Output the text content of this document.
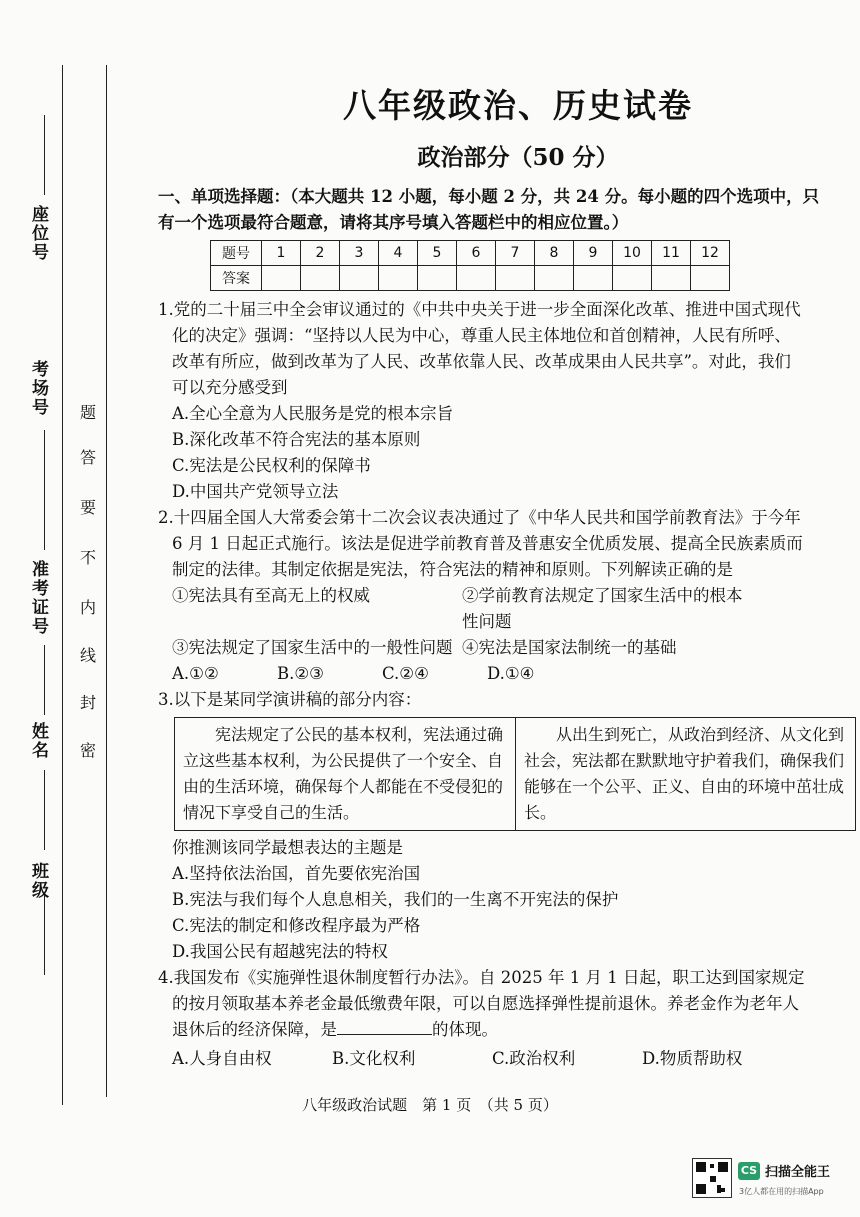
座位号
考场号
准考证号
姓名
班级
题
答
要
不
内
线
封
密
八年级政治、历史试卷
政治部分（50 分）
一、单项选择题：（本大题共 12 小题，每小题 2 分，共 24 分。每小题的四个选项中，只
有一个选项最符合题意，请将其序号填入答题栏中的相应位置。）
题号	1	2	3	4	5	6	7	8	9	10	11	12
答案												
1.党的二十届三中全会审议通过的《中共中央关于进一步全面深化改革、推进中国式现代
化的决定》强调：“坚持以人民为中心，尊重人民主体地位和首创精神，人民有所呼、
改革有所应，做到改革为了人民、改革依靠人民、改革成果由人民共享”。对此，我们
可以充分感受到
A.全心全意为人民服务是党的根本宗旨
B.深化改革不符合宪法的基本原则
C.宪法是公民权利的保障书
D.中国共产党领导立法
2.十四届全国人大常委会第十二次会议表决通过了《中华人民共和国学前教育法》于今年
6 月 1 日起正式施行。该法是促进学前教育普及普惠安全优质发展、提高全民族素质而
制定的法律。其制定依据是宪法，符合宪法的精神和原则。下列解读正确的是
①宪法具有至高无上的权威	②学前教育法规定了国家生活中的根本性问题
③宪法规定了国家生活中的一般性问题 ④宪法是国家法制统一的基础
A.①②	B.②③	C.②④	D.①④
3.以下是某同学演讲稿的部分内容：
宪法规定了公民的基本权利，宪法通过确立这些基本权利，为公民提供了一个安全、自由的生活环境，确保每个人都能在不受侵犯的情况下享受自己的生活。
从出生到死亡，从政治到经济、从文化到社会，宪法都在默默地守护着我们，确保我们能够在一个公平、正义、自由的环境中茁壮成长。
你推测该同学最想表达的主题是
A.坚持依法治国，首先要依宪治国
B.宪法与我们每个人息息相关，我们的一生离不开宪法的保护
C.宪法的制定和修改程序最为严格
D.我国公民有超越宪法的特权
4.我国发布《实施弹性退休制度暂行办法》。自 2025 年 1 月 1 日起，职工达到国家规定
的按月领取基本养老金最低缴费年限，可以自愿选择弹性提前退休。养老金作为老年人
退休后的经济保障，是	的体现。
A.人身自由权	B.文化权利	C.政治权利	D.物质帮助权
八年级政治试题　第 1 页　（共 5 页）
CS 扫描全能王
3亿人都在用的扫描App
